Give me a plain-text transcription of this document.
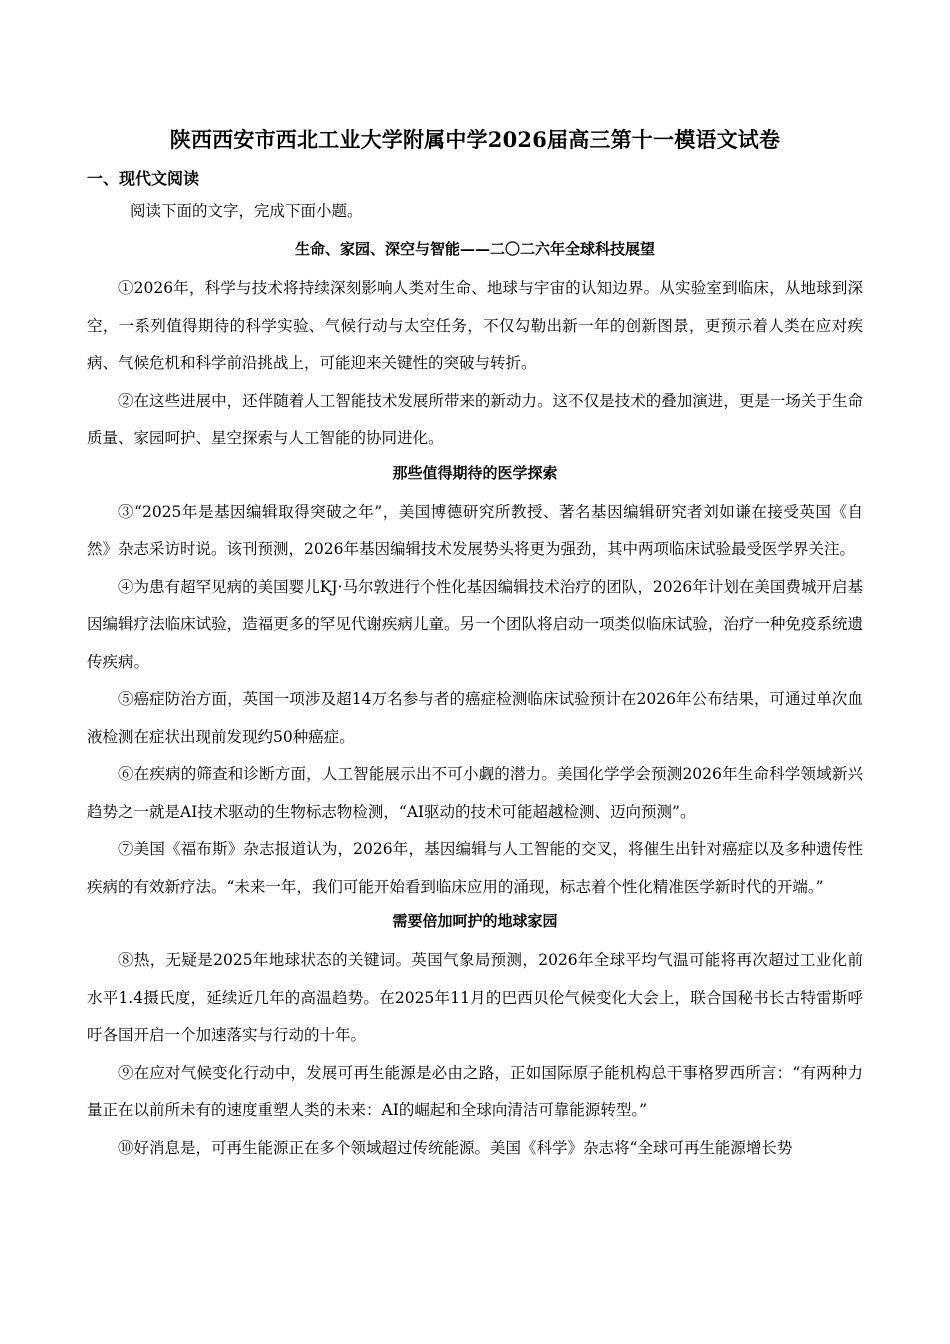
陕西西安市西北工业大学附属中学2026届高三第十一模语文试卷
一、现代文阅读
阅读下面的文字，完成下面小题。
生命、家园、深空与智能——二〇二六年全球科技展望

①2026年，科学与技术将持续深刻影响人类对生命、地球与宇宙的认知边界。从实验室到临床，从地球到深空，一系列值得期待的科学实验、气候行动与太空任务，不仅勾勒出新一年的创新图景，更预示着人类在应对疾病、气候危机和科学前沿挑战上，可能迎来关键性的突破与转折。

②在这些进展中，还伴随着人工智能技术发展所带来的新动力。这不仅是技术的叠加演进，更是一场关于生命质量、家园呵护、星空探索与人工智能的协同进化。

那些值得期待的医学探索

③“2025年是基因编辑取得突破之年”，美国博德研究所教授、著名基因编辑研究者刘如谦在接受英国《自然》杂志采访时说。该刊预测，2026年基因编辑技术发展势头将更为强劲，其中两项临床试验最受医学界关注。

④为患有超罕见病的美国婴儿KJ·马尔敦进行个性化基因编辑技术治疗的团队，2026年计划在美国费城开启基因编辑疗法临床试验，造福更多的罕见代谢疾病儿童。另一个团队将启动一项类似临床试验，治疗一种免疫系统遗传疾病。

⑤癌症防治方面，英国一项涉及超14万名参与者的癌症检测临床试验预计在2026年公布结果，可通过单次血液检测在症状出现前发现约50种癌症。

⑥在疾病的筛查和诊断方面，人工智能展示出不可小觑的潜力。美国化学学会预测2026年生命科学领域新兴趋势之一就是AI技术驱动的生物标志物检测，“AI驱动的技术可能超越检测、迈向预测”。

⑦美国《福布斯》杂志报道认为，2026年，基因编辑与人工智能的交叉，将催生出针对癌症以及多种遗传性疾病的有效新疗法。“未来一年，我们可能开始看到临床应用的涌现，标志着个性化精准医学新时代的开端。”

需要倍加呵护的地球家园

⑧热，无疑是2025年地球状态的关键词。英国气象局预测，2026年全球平均气温可能将再次超过工业化前水平1.4摄氏度，延续近几年的高温趋势。在2025年11月的巴西贝伦气候变化大会上，联合国秘书长古特雷斯呼吁各国开启一个加速落实与行动的十年。

⑨在应对气候变化行动中，发展可再生能源是必由之路，正如国际原子能机构总干事格罗西所言：“有两种力量正在以前所未有的速度重塑人类的未来：AI的崛起和全球向清洁可靠能源转型。”

⑩好消息是，可再生能源正在多个领域超过传统能源。美国《科学》杂志将“全球可再生能源增长势
